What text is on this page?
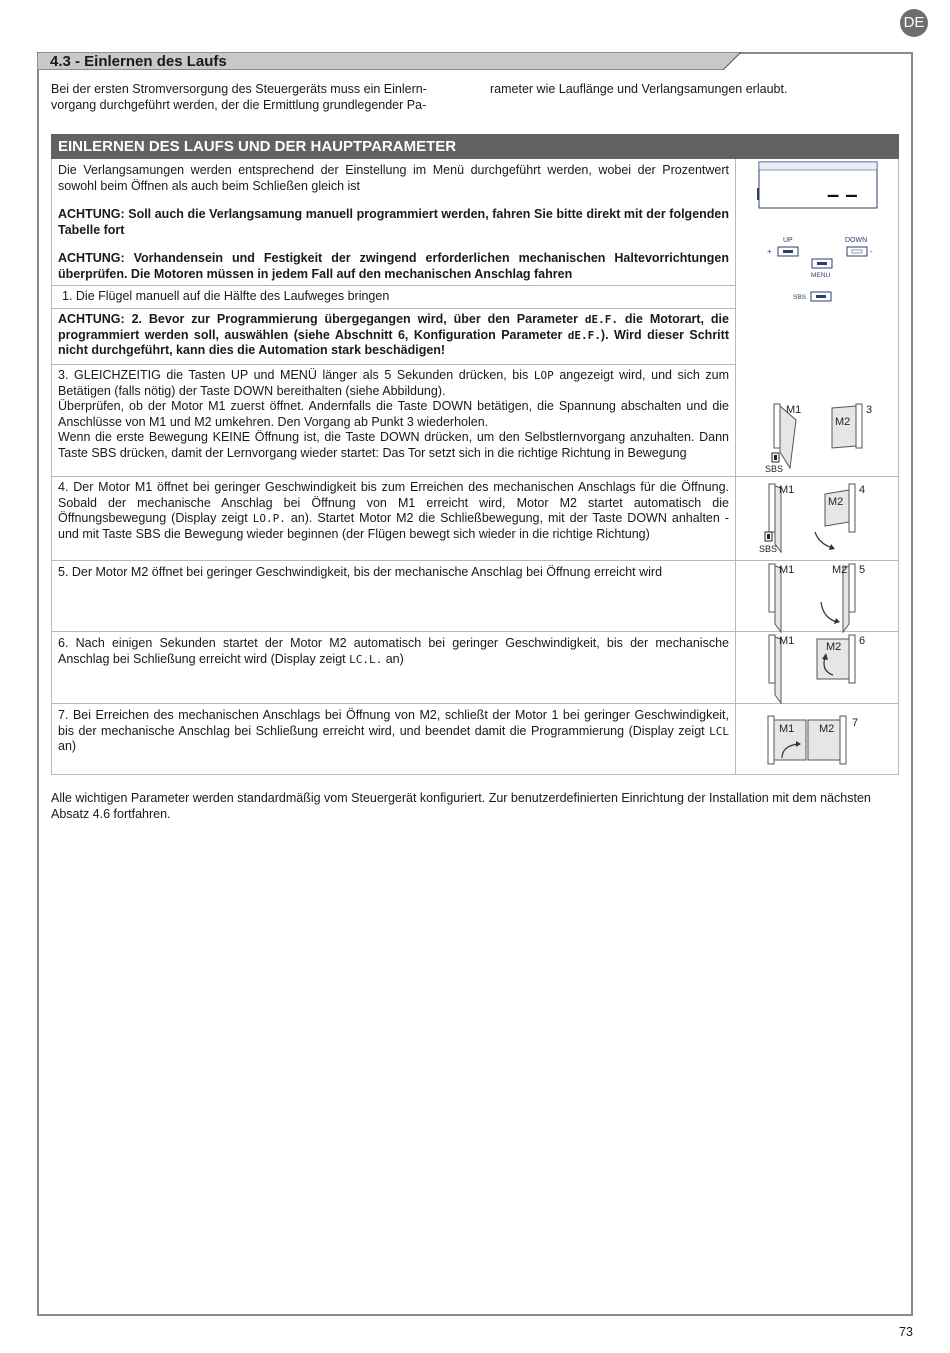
DE
4.3 - Einlernen des Laufs
Bei der ersten Stromversorgung des Steuergeräts muss ein Einlern-
vorgang durchgeführt werden, der die Ermittlung grundlegender Pa-
rameter wie Lauflänge und Verlangsamungen erlaubt.
EINLERNEN DES LAUFS UND DER HAUPTPARAMETER

Die Verlangsamungen werden entsprechend der Einstellung im Menü durchgeführt werden, wobei der Prozentwert sowohl beim Öffnen als auch beim Schließen gleich ist

ACHTUNG: Soll auch die Verlangsamung manuell programmiert werden, fahren Sie bitte direkt mit der folgenden Tabelle fort

ACHTUNG: Vorhandensein und Festigkeit der zwingend erforderlichen mechanischen Haltevorrichtungen überprüfen. Die Motoren müssen in jedem Fall auf den mechanischen Anschlag fahren

1. Die Flügel manuell auf die Hälfte des Laufweges bringen
ACHTUNG: 2. Bevor zur Programmierung übergegangen wird, über den Parameter dE.F. die Motorart, die programmiert werden soll, auswählen (siehe Abschnitt 6, Konfiguration Parameter dE.F.). Wird dieser Schritt nicht durchgeführt, kann dies die Automation stark beschädigen!

3. GLEICHZEITIG die Tasten UP und MENÜ länger als 5 Sekunden drücken, bis LOP angezeigt wird, und sich zum Betätigen (falls nötig) der Taste DOWN bereithalten (siehe Abbildung).

Überprüfen, ob der Motor M1 zuerst öffnet. Andernfalls die Taste DOWN betätigen, die Spannung abschalten und die Anschlüsse von M1 und M2 umkehren. Den Vorgang ab Punkt 3 wiederholen.

Wenn die erste Bewegung KEINE Öffnung ist, die Taste DOWN drücken, um den Selbstlernvorgang anzuhalten. Dann Taste SBS drücken, damit der Lernvorgang wieder startet: Das Tor setzt sich in die richtige Richtung in Bewegung

4. Der Motor M1 öffnet bei geringer Geschwindigkeit bis zum Erreichen des mechanischen Anschlags für die Öffnung. Sobald der mechanische Anschlag bei Öffnung von M1 erreicht wird, Motor M2 startet automatisch die Öffnungsbewegung (Display zeigt LO.P. an). Startet Motor M2 die Schließbewegung, mit der Taste DOWN anhalten - und mit Taste SBS die Bewegung wieder beginnen (der Flügen bewegt sich wieder in die richtige Richtung)
5. Der Motor M2 öffnet bei geringer Geschwindigkeit, bis der mechanische Anschlag bei Öffnung erreicht wird
6. Nach einigen Sekunden startet der Motor M2 automatisch bei geringer Geschwindigkeit, bis der mechanische Anschlag bei Schließung erreicht wird (Display zeigt LC.L. an)
7. Bei Erreichen des mechanischen Anschlags bei Öffnung von M2, schließt der Motor 1 bei geringer Geschwindigkeit, bis der mechanische Anschlag bei Schließung erreicht wird, und beendet damit die Programmierung (Display zeigt LCL an)
– –
UP	DOWN
+	-
MENU
SBS
M1
M2
3
SBS
M1
M2
4
SBS
M1	M2 5
M1	M2 6
M1 M2 7
Alle wichtigen Parameter werden standardmäßig vom Steuergerät konfiguriert. Zur benutzerdefinierten Einrichtung der Installation mit dem nächsten Absatz 4.6 fortfahren.
73
